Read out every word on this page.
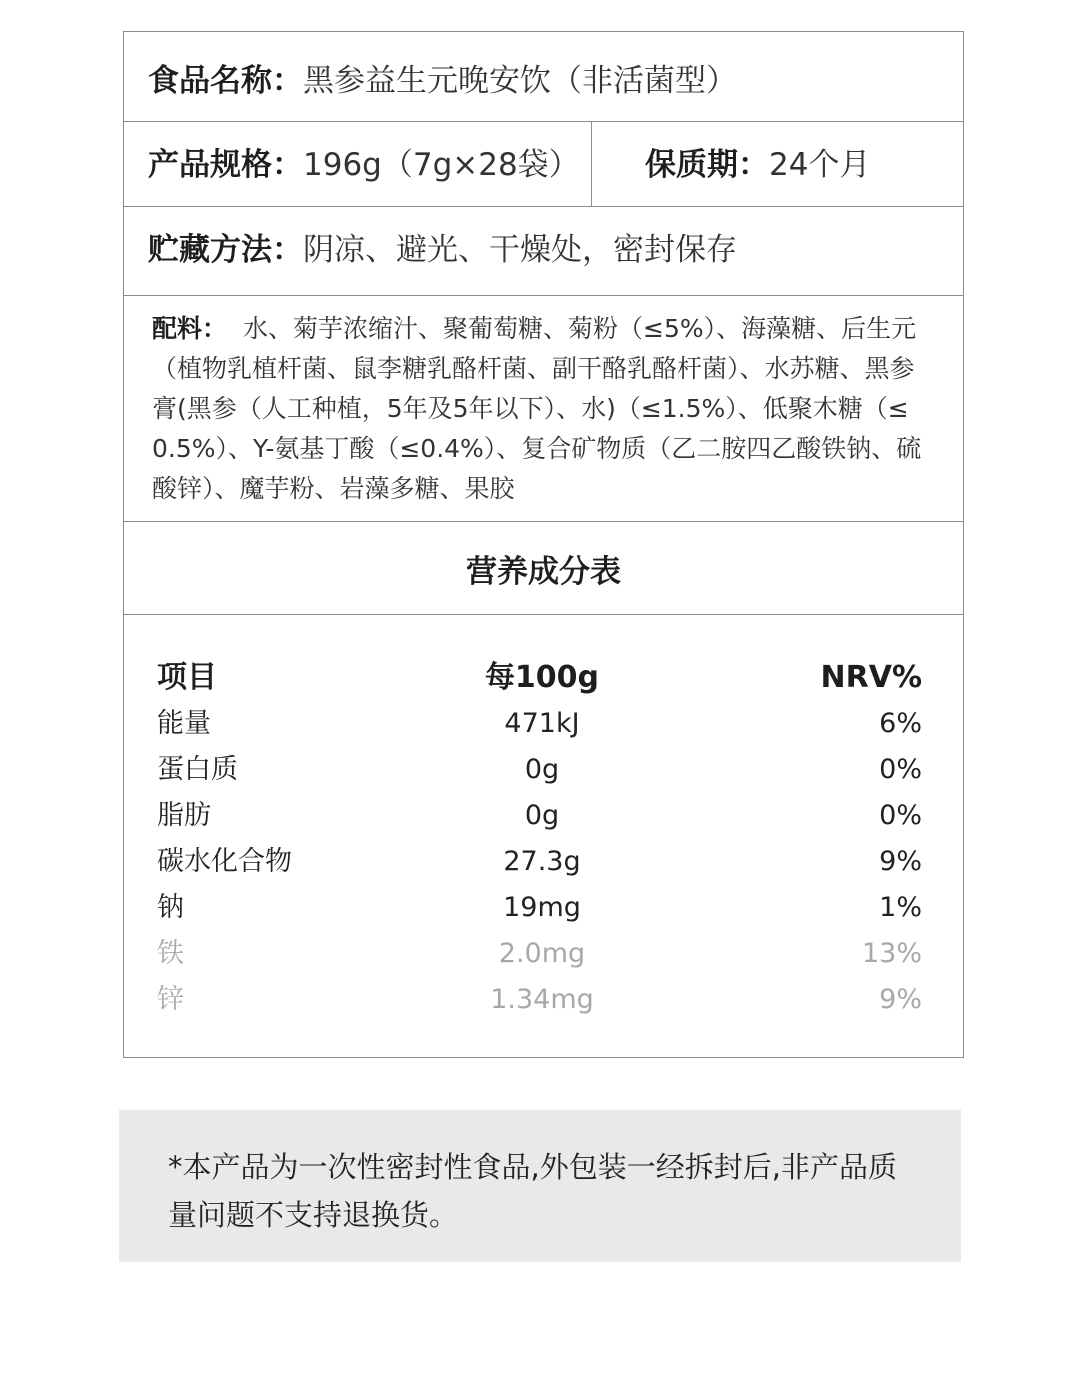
食品名称：黑参益生元晚安饮（非活菌型）
产品规格：196g（7g×28袋） 保质期：24个月
贮藏方法：阴凉、避光、干燥处，密封保存
配料： 水、菊芋浓缩汁、聚葡萄糖、菊粉（≤5%）、海藻糖、后生元（植物乳植杆菌、鼠李糖乳酪杆菌、副干酪乳酪杆菌）、水苏糖、黑参膏(黑参（人工种植，5年及5年以下）、水)（≤1.5%）、低聚木糖（≤0.5%）、Y-氨基丁酸（≤0.4%）、复合矿物质（乙二胺四乙酸铁钠、硫酸锌）、魔芋粉、岩藻多糖、果胶
营养成分表
项目	每100g	NRV%
能量	471kJ	6%
蛋白质	0g	0%
脂肪	0g	0%
碳水化合物	27.3g	9%
钠	19mg	1%
铁	2.0mg	13%
锌	1.34mg	9%
*本产品为一次性密封性食品,外包装一经拆封后,非产品质量问题不支持退换货。
